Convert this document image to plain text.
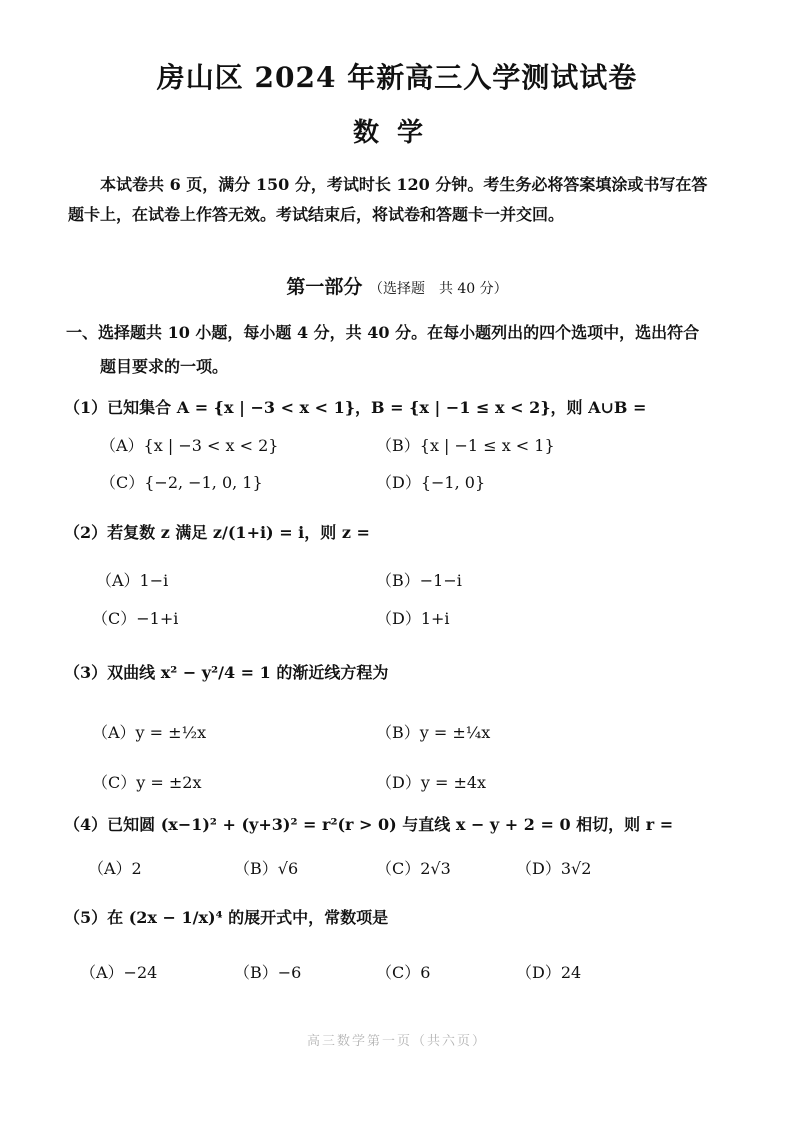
房山区 2024 年新高三入学测试试卷
数学
本试卷共 6 页，满分 150 分，考试时长 120 分钟。考生务必将答案填涂或书写在答
题卡上，在试卷上作答无效。考试结束后，将试卷和答题卡一并交回。
第一部分 （选择题　共 40 分）
一、选择题共 10 小题，每小题 4 分，共 40 分。在每小题列出的四个选项中，选出符合
题目要求的一项。
（1）已知集合 A = {x | −3 < x < 1}，B = {x | −1 ≤ x < 2}，则 A∪B =
（A）{x | −3 < x < 2}	（B）{x | −1 ≤ x < 1}
（C）{−2, −1, 0, 1}	（D）{−1, 0}
（2）若复数 z 满足 z/(1+i) = i，则 z =
（A）1−i	（B）−1−i
（C）−1+i	（D）1+i
（3）双曲线 x² − y²/4 = 1 的渐近线方程为
（A）y = ±½x	（B）y = ±¼x
（C）y = ±2x	（D）y = ±4x
（4）已知圆 (x−1)² + (y+3)² = r²(r > 0) 与直线 x − y + 2 = 0 相切，则 r =
（A）2	（B）√6	（C）2√3	（D）3√2
（5）在 (2x − 1/x)⁴ 的展开式中，常数项是
（A）−24	（B）−6	（C）6	（D）24
高三数学第一页（共六页）
